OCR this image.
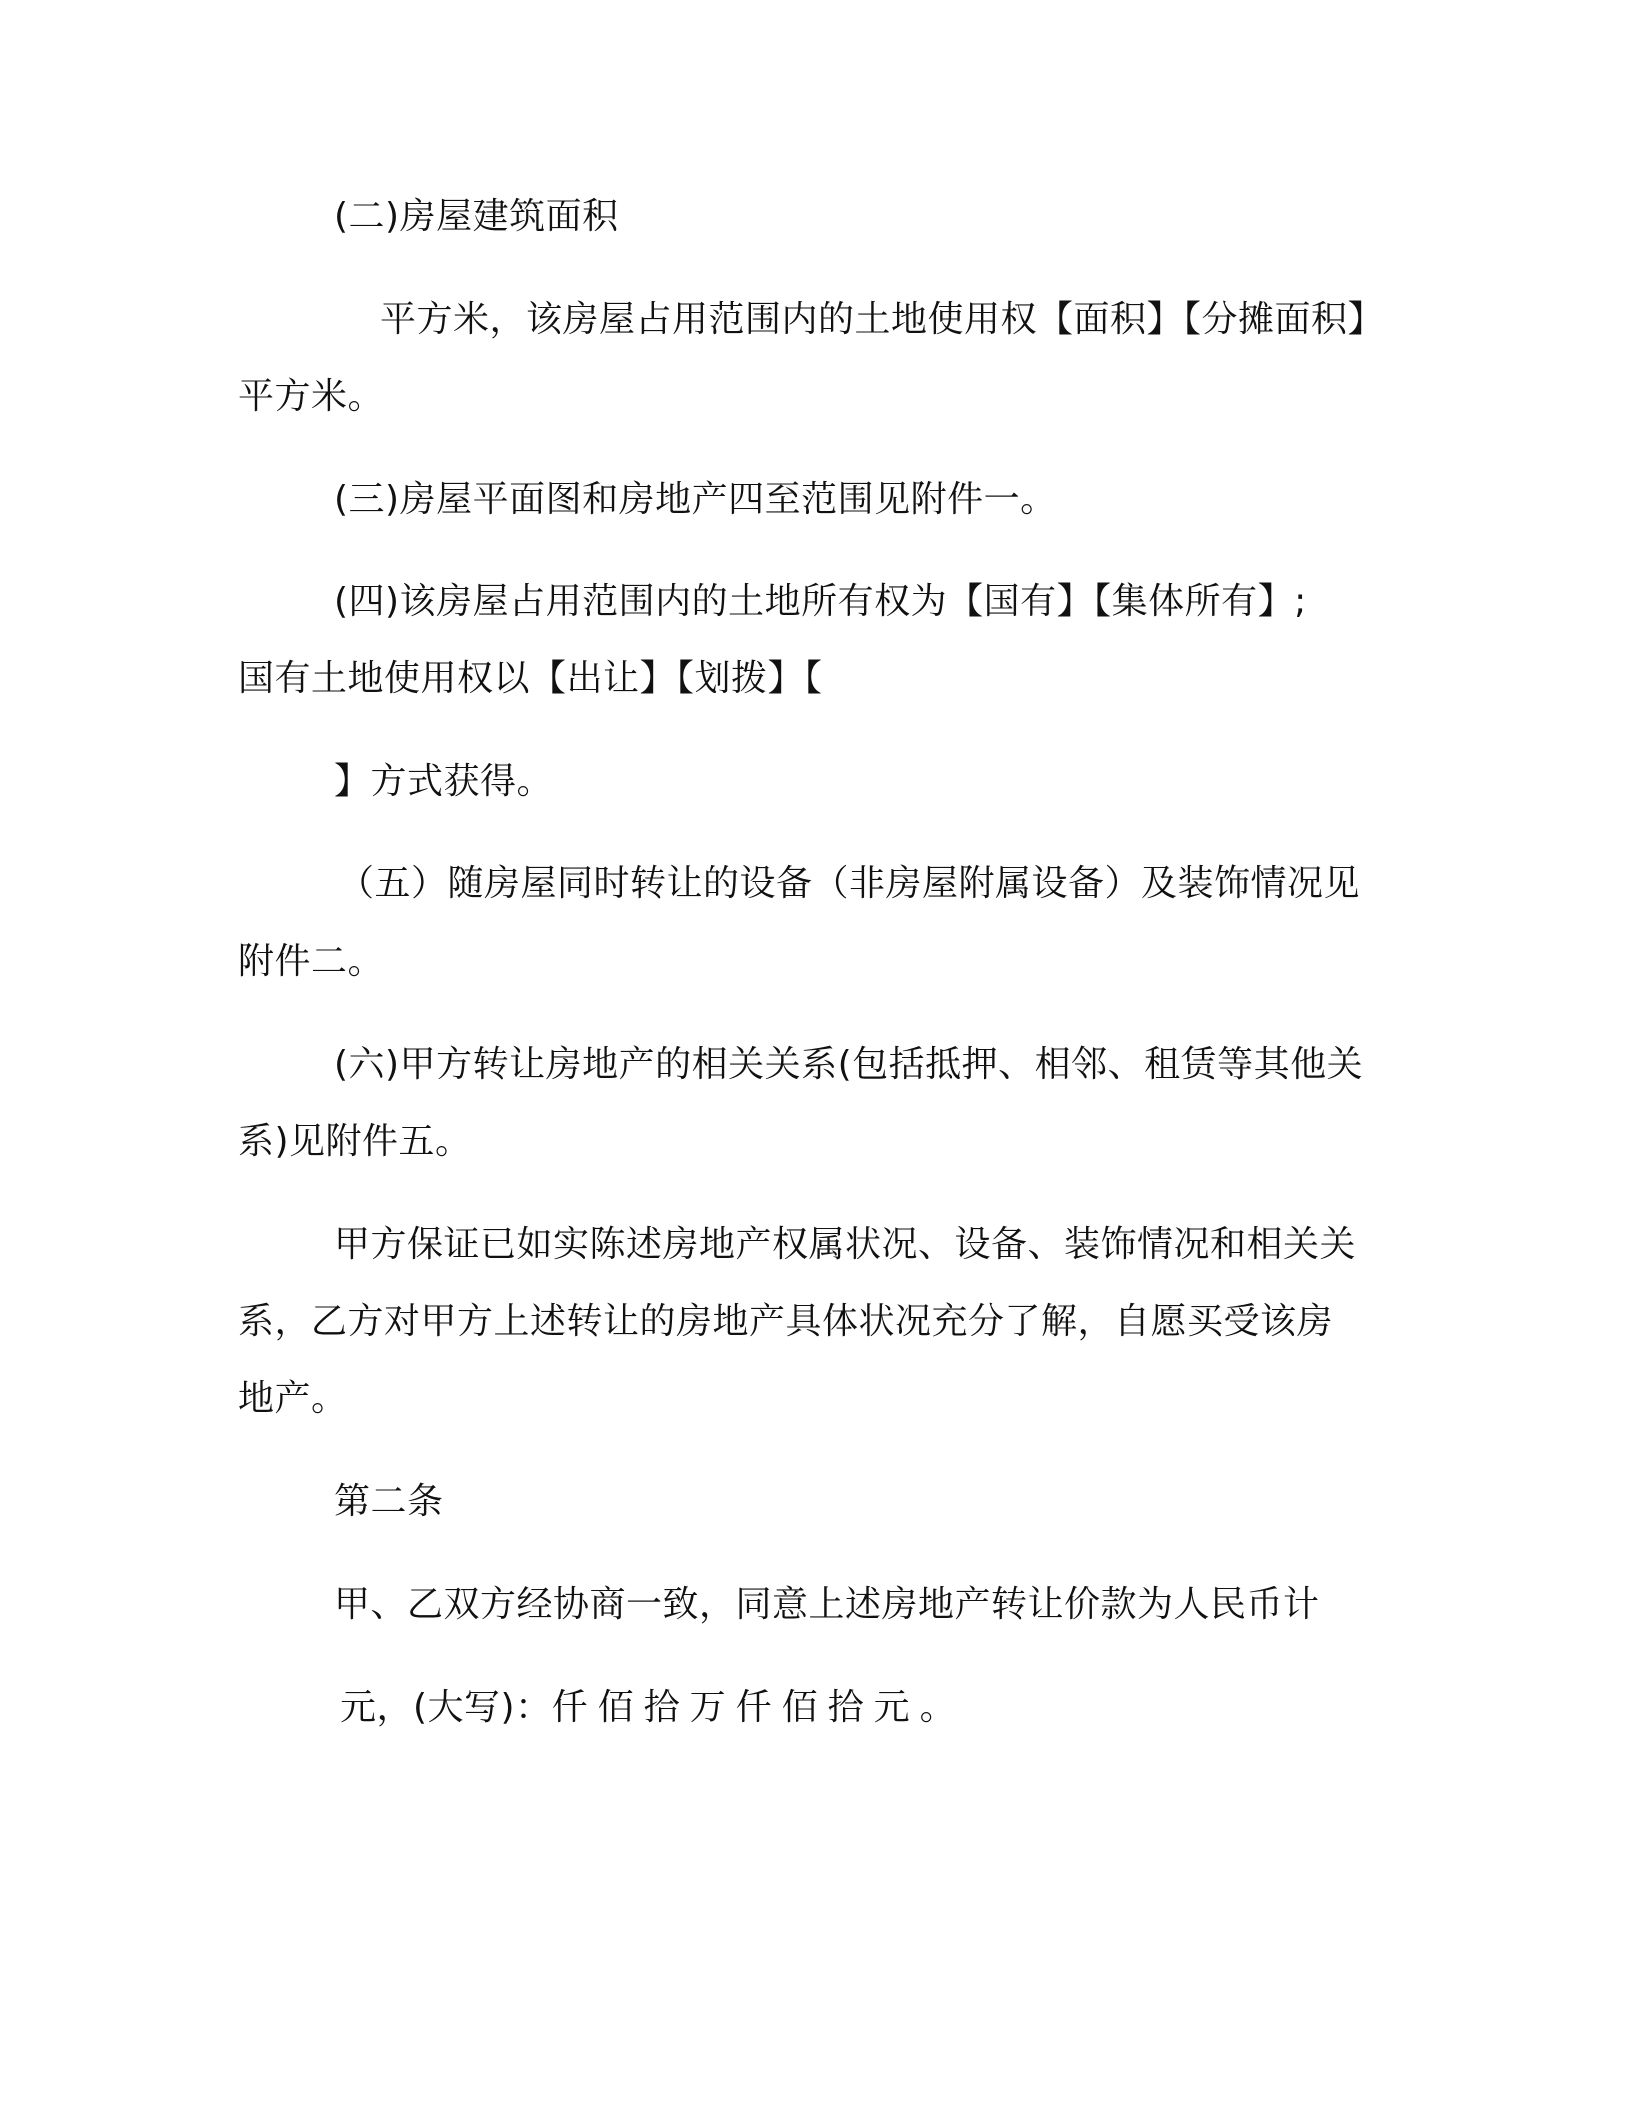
(二)房屋建筑面积
平方米，该房屋占用范围内的土地使用权【面积】【分摊面积】
平方米。
(三)房屋平面图和房地产四至范围见附件一。
(四)该房屋占用范围内的土地所有权为【国有】【集体所有】;
国有土地使用权以【出让】【划拨】【
】方式获得。
（五）随房屋同时转让的设备（非房屋附属设备）及装饰情况见
附件二。
(六)甲方转让房地产的相关关系(包括抵押、相邻、租赁等其他关
系)见附件五。
甲方保证已如实陈述房地产权属状况、设备、装饰情况和相关关
系，乙方对甲方上述转让的房地产具体状况充分了解，自愿买受该房
地产。
第二条
甲、乙双方经协商一致，同意上述房地产转让价款为人民币计
元，(大写)：仟佰拾万仟佰拾元。
